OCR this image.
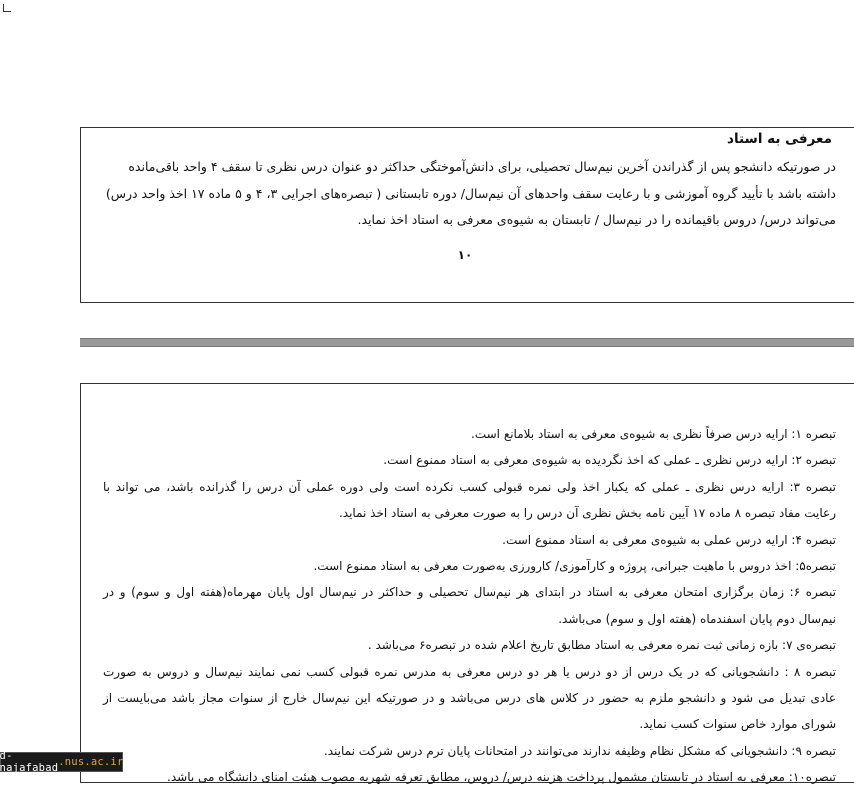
معرفی به استاد
در صورتیکه دانشجو پس از گذراندن آخرین نیم‌سال تحصیلی، برای دانش‌آموختگی حداکثر دو عنوان درس نظری تا سقف ۴ واحد باقی‌مانده
داشته باشد با تأیید گروه آموزشی و با رعایت سقف واحدهای آن نیم‌سال/ دوره تابستانی ( تبصره‌های اجرایی ۳، ۴ و ۵ ماده ۱۷ اخذ واحد درس)
می‌تواند درس/ دروس باقیمانده را در نیم‌سال / تابستان به شیوه‌ی معرفی به استاد اخذ نماید.
۱۰
تبصره ۱: ارایه درس صرفاً نظری به شیوه‌ی معرفی به استاد بلامانع است.
تبصره ۲: ارایه درس نظری ـ عملی که اخذ نگردیده به شیوه‌ی معرفی به استاد ممنوع است.
تبصره ۳: ارایه درس نظری ـ عملی که یکبار اخذ ولی نمره قبولی کسب نکرده است ولی دوره عملی آن درس را گذرانده باشد، می تواند با
رعایت مفاد تبصره ۸ ماده ۱۷ آیین نامه بخش نظری آن درس را به صورت معرفی به استاد اخذ نماید.
تبصره ۴: ارایه درس عملی به شیوه‌ی معرفی به استاد ممنوع است.
تبصره۵: اخذ دروس با ماهیت جبرانی، پروژه و کارآموزی/ کارورزی به‌صورت معرفی به استاد ممنوع است.
تبصره ۶: زمان برگزاری امتحان معرفی به استاد در ابتدای هر نیم‌سال تحصیلی و حداکثر در نیم‌سال اول پایان مهرماه(هفته اول و سوم) و در
نیم‌سال دوم پایان اسفندماه (هفته اول و سوم) می‌باشد.
تبصره‌ی ۷: بازه زمانی ثبت نمره معرفی به استاد مطابق تاریخ اعلام شده در تبصره۶ می‌باشد .
تبصره ۸ : دانشجویانی که در یک درس از دو درس یا هر دو درس معرفی به مدرس نمره قبولی کسب نمی نمایند نیم‌سال و دروس به صورت
عادی تبدیل می شود و دانشجو ملزم به حضور در کلاس های درس می‌باشد و در صورتیکه این نیم‌سال خارج از سنوات مجاز باشد می‌بایست از
شورای موارد خاص سنوات کسب نماید.
تبصره ۹: دانشجویانی که مشکل نظام وظیفه ندارند می‌توانند در امتحانات پایان ترم درس شرکت نمایند.
تبصره۱۰: معرفی به استاد در تابستان مشمول پرداخت هزینه درس/ دروس، مطابق تعرفه شهریه مصوب هیئت امنای دانشگاه می باشد.
d-najafabad .nus.ac.ir
